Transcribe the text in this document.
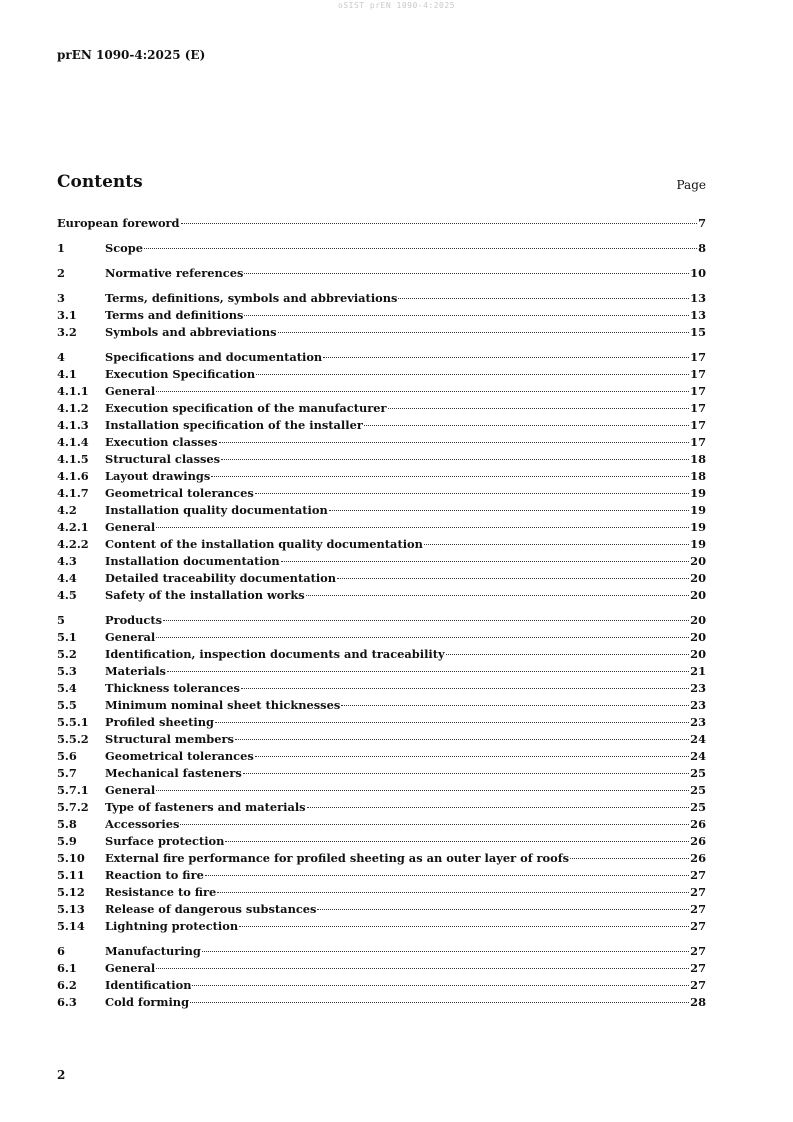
oSIST prEN 1090-4:2025
prEN 1090-4:2025 (E)
Contents	Page
European foreword	7
1	Scope	8
2	Normative references	10
3	Terms, definitions, symbols and abbreviations	13
3.1	Terms and definitions	13
3.2	Symbols and abbreviations	15
4	Specifications and documentation	17
4.1	Execution Specification	17
4.1.1	General	17
4.1.2	Execution specification of the manufacturer	17
4.1.3	Installation specification of the installer	17
4.1.4	Execution classes	17
4.1.5	Structural classes	18
4.1.6	Layout drawings	18
4.1.7	Geometrical tolerances	19
4.2	Installation quality documentation	19
4.2.1	General	19
4.2.2	Content of the installation quality documentation	19
4.3	Installation documentation	20
4.4	Detailed traceability documentation	20
4.5	Safety of the installation works	20
5	Products	20
5.1	General	20
5.2	Identification, inspection documents and traceability	20
5.3	Materials	21
5.4	Thickness tolerances	23
5.5	Minimum nominal sheet thicknesses	23
5.5.1	Profiled sheeting	23
5.5.2	Structural members	24
5.6	Geometrical tolerances	24
5.7	Mechanical fasteners	25
5.7.1	General	25
5.7.2	Type of fasteners and materials	25
5.8	Accessories	26
5.9	Surface protection	26
5.10	External fire performance for profiled sheeting as an outer layer of roofs	26
5.11	Reaction to fire	27
5.12	Resistance to fire	27
5.13	Release of dangerous substances	27
5.14	Lightning protection	27
6	Manufacturing	27
6.1	General	27
6.2	Identification	27
6.3	Cold forming	28
2
